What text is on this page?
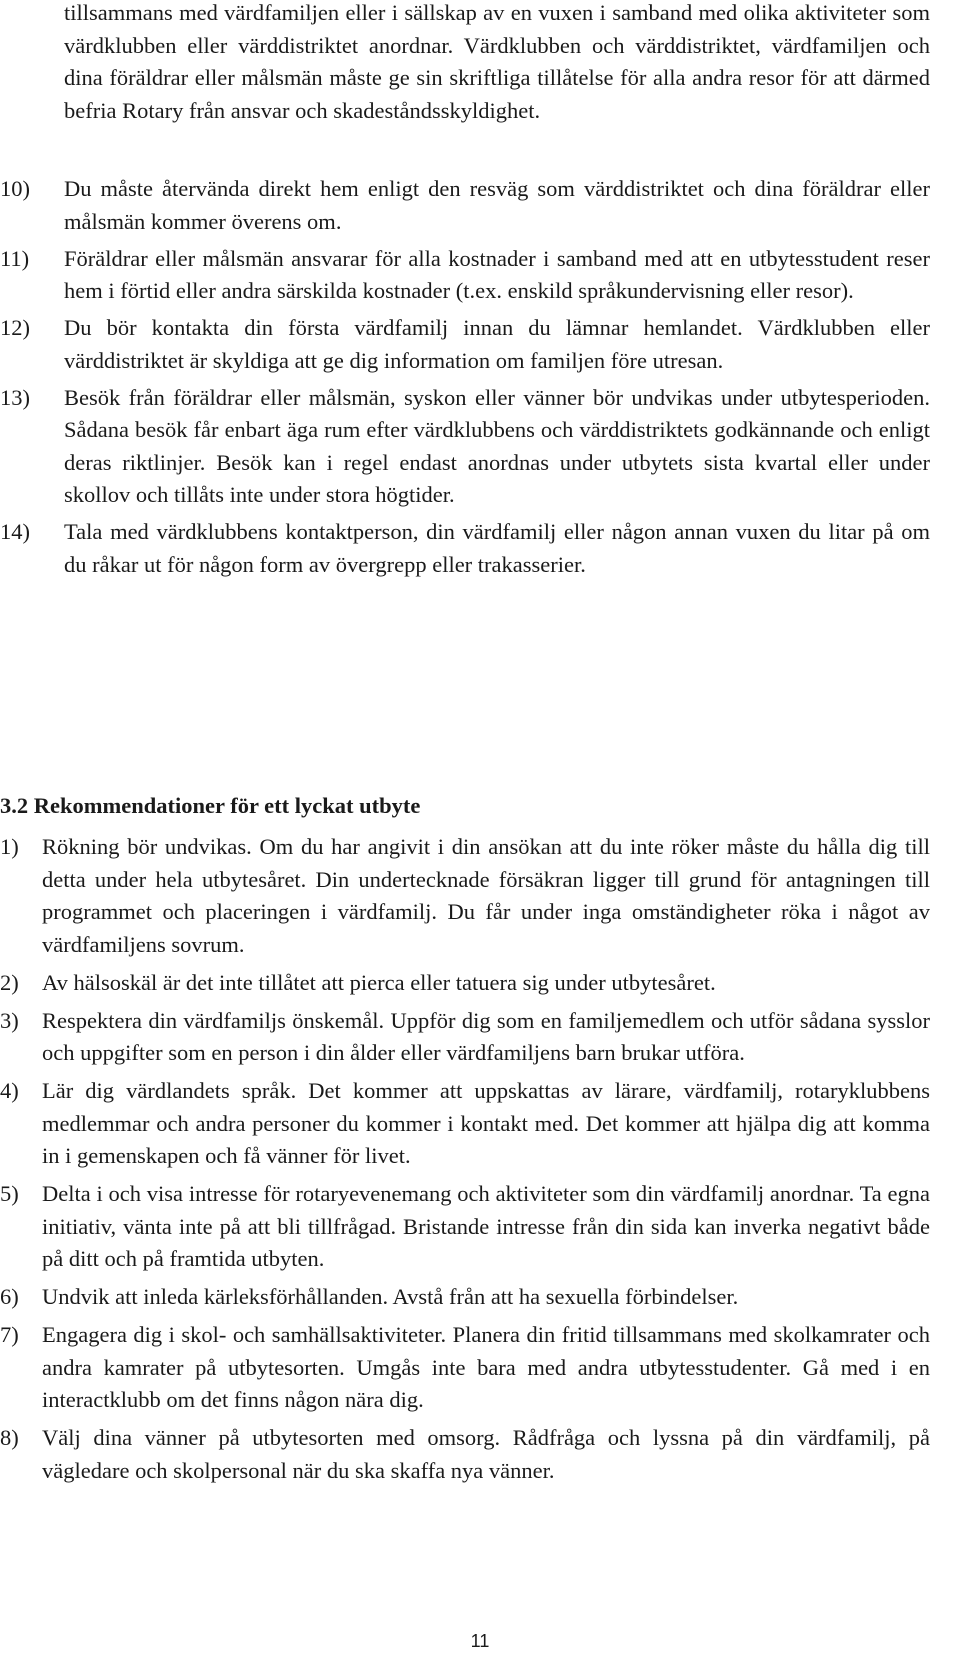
tillsammans med värdfamiljen eller i sällskap av en vuxen i samband med olika aktiviteter som värdklubben eller värddistriktet anordnar. Värdklubben och värddistriktet, värdfamiljen och dina föräldrar eller målsmän måste ge sin skriftliga tillåtelse för alla andra resor för att därmed befria Rotary från ansvar och skadeståndsskyldighet.

10) Du måste återvända direkt hem enligt den resväg som värddistriktet och dina föräldrar eller målsmän kommer överens om.
11) Föräldrar eller målsmän ansvarar för alla kostnader i samband med att en utbytesstudent reser hem i förtid eller andra särskilda kostnader (t.ex. enskild språkundervisning eller resor).
12) Du bör kontakta din första värdfamilj innan du lämnar hemlandet. Värdklubben eller värddistriktet är skyldiga att ge dig information om familjen före utresan.
13) Besök från föräldrar eller målsmän, syskon eller vänner bör undvikas under utbytesperioden. Sådana besök får enbart äga rum efter värdklubbens och värddistriktets godkännande och enligt deras riktlinjer. Besök kan i regel endast anordnas under utbytets sista kvartal eller under skollov och tillåts inte under stora högtider.
14) Tala med värdklubbens kontaktperson, din värdfamilj eller någon annan vuxen du litar på om du råkar ut för någon form av övergrepp eller trakasserier.
3.2 Rekommendationer för ett lyckat utbyte
1) Rökning bör undvikas. Om du har angivit i din ansökan att du inte röker måste du hålla dig till detta under hela utbytesåret. Din undertecknade försäkran ligger till grund för antagningen till programmet och placeringen i värdfamilj. Du får under inga omständigheter röka i något av värdfamiljens sovrum.
2) Av hälsoskäl är det inte tillåtet att pierca eller tatuera sig under utbytesåret.
3) Respektera din värdfamiljs önskemål. Uppför dig som en familjemedlem och utför sådana sysslor och uppgifter som en person i din ålder eller värdfamiljens barn brukar utföra.
4) Lär dig värdlandets språk. Det kommer att uppskattas av lärare, värdfamilj, rotaryklubbens medlemmar och andra personer du kommer i kontakt med. Det kommer att hjälpa dig att komma in i gemenskapen och få vänner för livet.
5) Delta i och visa intresse för rotaryevenemang och aktiviteter som din värdfamilj anordnar. Ta egna initiativ, vänta inte på att bli tillfrågad. Bristande intresse från din sida kan inverka negativt både på ditt och på framtida utbyten.
6) Undvik att inleda kärleksförhållanden. Avstå från att ha sexuella förbindelser.
7) Engagera dig i skol- och samhällsaktiviteter. Planera din fritid tillsammans med skolkamrater och andra kamrater på utbytesorten. Umgås inte bara med andra utbytesstudenter. Gå med i en interactklubb om det finns någon nära dig.
8) Välj dina vänner på utbytesorten med omsorg. Rådfråga och lyssna på din värdfamilj, på vägledare och skolpersonal när du ska skaffa nya vänner.
11
